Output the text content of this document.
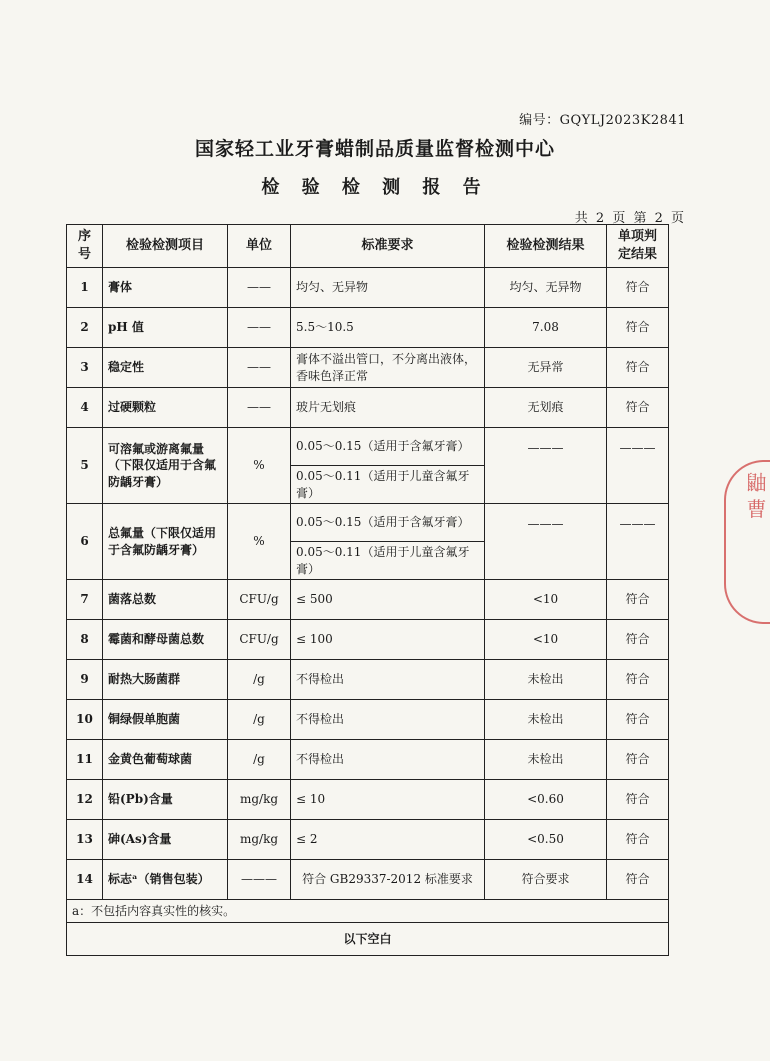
编号：GQYLJ2023K2841
国家轻工业牙膏蜡制品质量监督检测中心
检 验 检 测 报 告
共 2 页 第 2 页
序号	检验检测项目	单位	标准要求	检验检测结果	单项判定结果
1	膏体	——	均匀、无异物	均匀、无异物	符合
2	pH 值	——	5.5～10.5	7.08	符合
3	稳定性	——	膏体不溢出管口，不分离出液体，香味色泽正常	无异常	符合
4	过硬颗粒	——	玻片无划痕	无划痕	符合
5	可溶氟或游离氟量（下限仅适用于含氟防龋牙膏）	%	0.05～0.15（适用于含氟牙膏）	———	———
			0.05～0.11（适用于儿童含氟牙膏）		
6	总氟量（下限仅适用于含氟防龋牙膏）	%	0.05～0.15（适用于含氟牙膏）	———	———
			0.05～0.11（适用于儿童含氟牙膏）		
7	菌落总数	CFU/g	≤ 500	<10	符合
8	霉菌和酵母菌总数	CFU/g	≤ 100	<10	符合
9	耐热大肠菌群	/g	不得检出	未检出	符合
10	铜绿假单胞菌	/g	不得检出	未检出	符合
11	金黄色葡萄球菌	/g	不得检出	未检出	符合
12	铅(Pb)含量	mg/kg	≤ 10	<0.60	符合
13	砷(As)含量	mg/kg	≤ 2	<0.50	符合
14	标志ᵃ（销售包装）	———	符合 GB29337-2012 标准要求	符合要求	符合
a：不包括内容真实性的核实。					
以下空白					
鼬 曹
